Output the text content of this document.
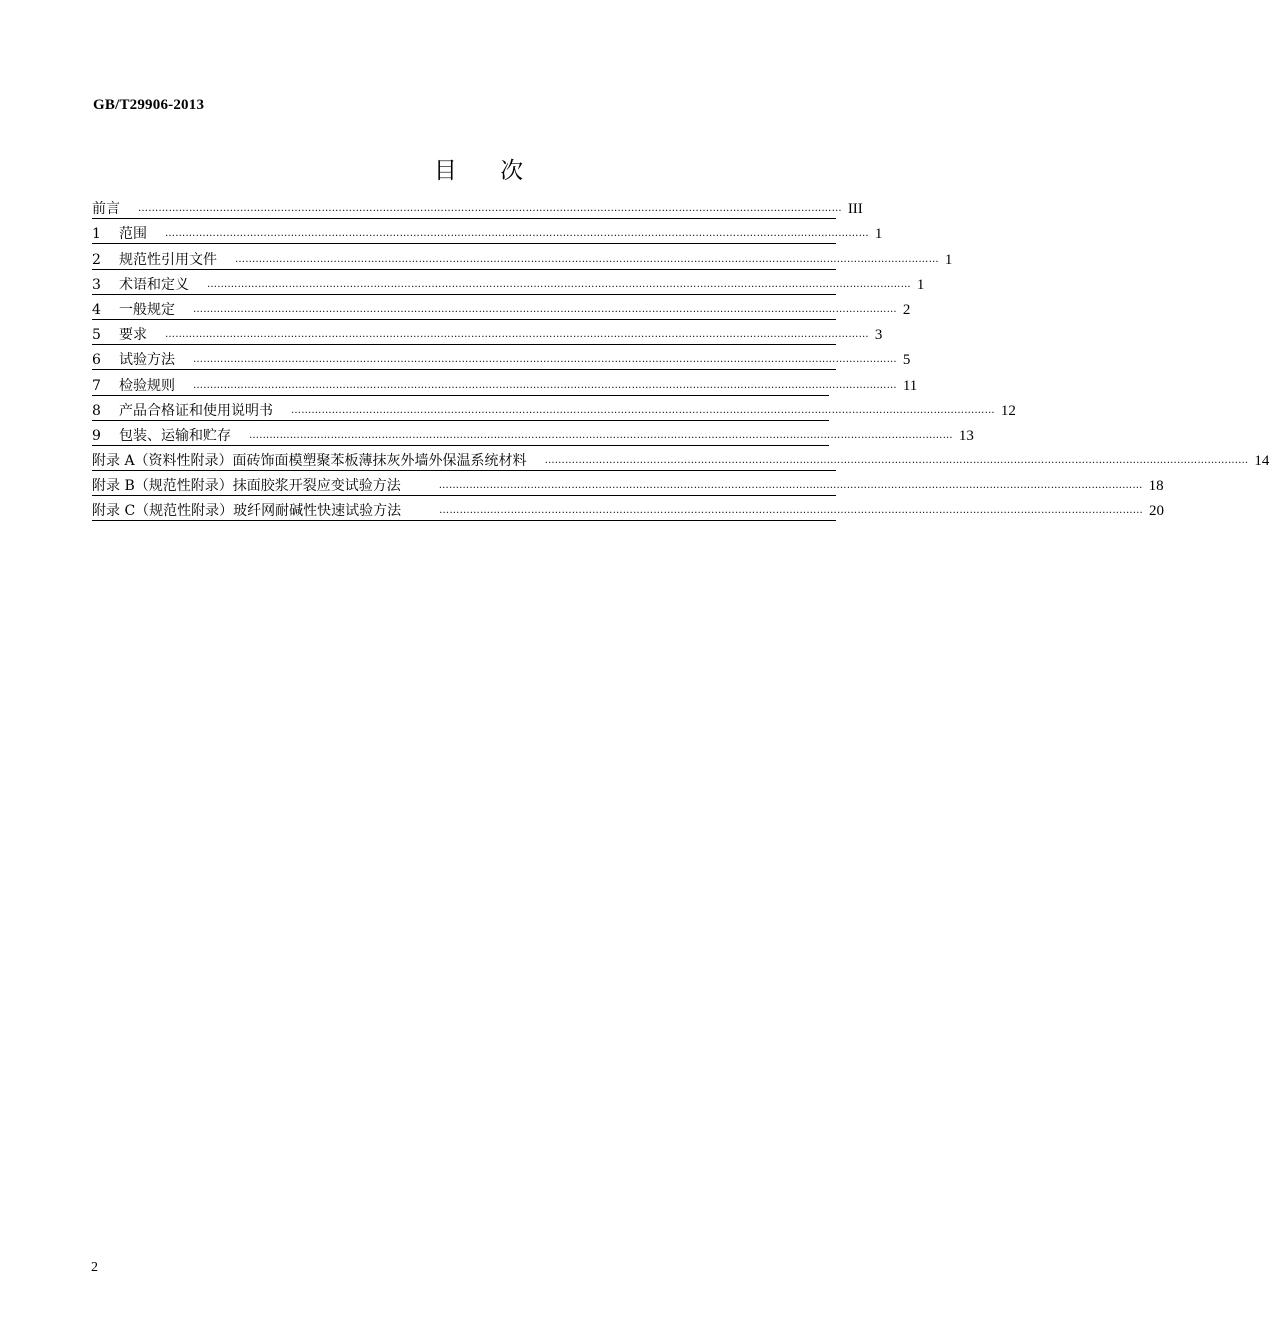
GB/T29906-2013
目 次
前言	……………………………………………………………………………………………………………………………………………………………………………………… III
1 范围	……………………………………………………………………………………………………………………………………………………………………………………… 1
2 规范性引用文件	……………………………………………………………………………………………………………………………………………………………………………………… 1
3 术语和定义	……………………………………………………………………………………………………………………………………………………………………………………… 1
4 一般规定	……………………………………………………………………………………………………………………………………………………………………………………… 2
5 要求	……………………………………………………………………………………………………………………………………………………………………………………… 3
6 试验方法	……………………………………………………………………………………………………………………………………………………………………………………… 5
7 检验规则	……………………………………………………………………………………………………………………………………………………………………………………… 11
8 产品合格证和使用说明书	……………………………………………………………………………………………………………………………………………………………………………………… 12
9 包装、运输和贮存	……………………………………………………………………………………………………………………………………………………………………………………… 13
附录 A（资料性附录）面砖饰面模塑聚苯板薄抹灰外墙外保温系统材料	……………………………………………………………………………………………………………………………………………………………………………………… 14
附录 B（规范性附录）抹面胶浆开裂应变试验方法	……………………………………………………………………………………………………………………………………………………………………………………… 18
附录 C（规范性附录）玻纤网耐碱性快速试验方法	……………………………………………………………………………………………………………………………………………………………………………………… 20
2
